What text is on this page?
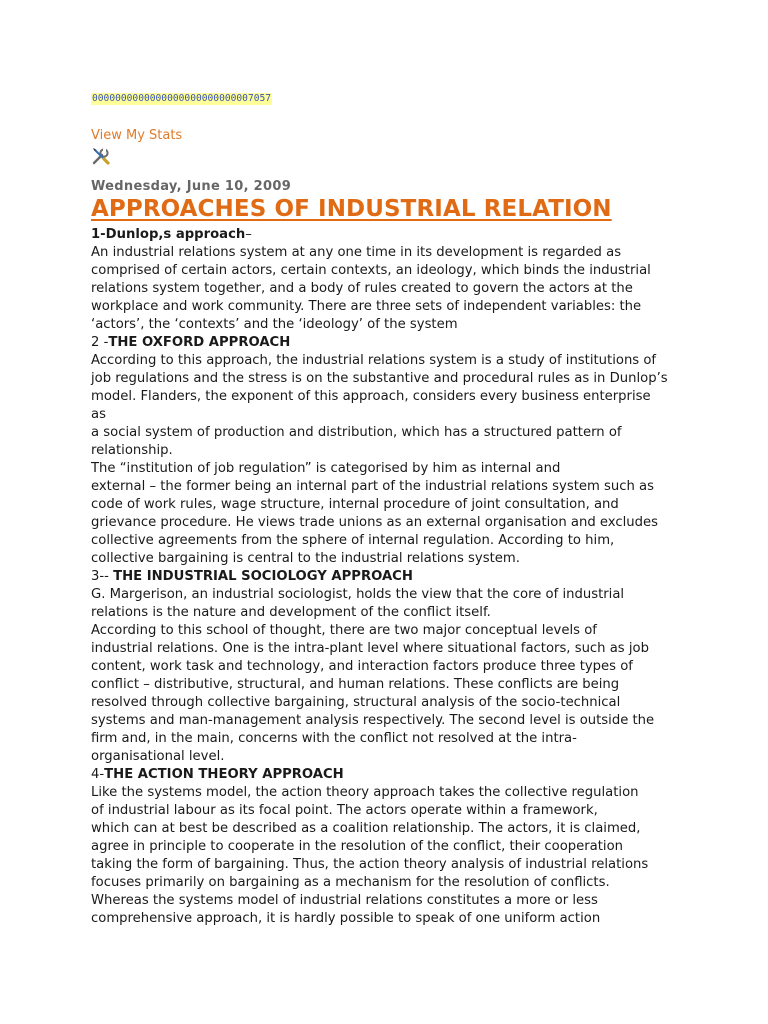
0000000000000000000000000007057
View My Stats
Wednesday, June 10, 2009
APPROACHES OF INDUSTRIAL RELATION
1-Dunlop,s approach–
An industrial relations system at any one time in its development is regarded as
comprised of certain actors, certain contexts, an ideology, which binds the industrial
relations system together, and a body of rules created to govern the actors at the
workplace and work community. There are three sets of independent variables: the
‘actors’, the ‘contexts’ and the ‘ideology’ of the system
2 -THE OXFORD APPROACH
According to this approach, the industrial relations system is a study of institutions of
job regulations and the stress is on the substantive and procedural rules as in Dunlop’s
model. Flanders, the exponent of this approach, considers every business enterprise
as
a social system of production and distribution, which has a structured pattern of
relationship.
The “institution of job regulation” is categorised by him as internal and
external – the former being an internal part of the industrial relations system such as
code of work rules, wage structure, internal procedure of joint consultation, and
grievance procedure. He views trade unions as an external organisation and excludes
collective agreements from the sphere of internal regulation. According to him,
collective bargaining is central to the industrial relations system.
3-- THE INDUSTRIAL SOCIOLOGY APPROACH
G. Margerison, an industrial sociologist, holds the view that the core of industrial
relations is the nature and development of the conflict itself.
According to this school of thought, there are two major conceptual levels of
industrial relations. One is the intra-plant level where situational factors, such as job
content, work task and technology, and interaction factors produce three types of
conflict – distributive, structural, and human relations. These conflicts are being
resolved through collective bargaining, structural analysis of the socio-technical
systems and man-management analysis respectively. The second level is outside the
firm and, in the main, concerns with the conflict not resolved at the intra-
organisational level.
4-THE ACTION THEORY APPROACH
Like the systems model, the action theory approach takes the collective regulation
of industrial labour as its focal point. The actors operate within a framework,
which can at best be described as a coalition relationship. The actors, it is claimed,
agree in principle to cooperate in the resolution of the conflict, their cooperation
taking the form of bargaining. Thus, the action theory analysis of industrial relations
focuses primarily on bargaining as a mechanism for the resolution of conflicts.
Whereas the systems model of industrial relations constitutes a more or less
comprehensive approach, it is hardly possible to speak of one uniform action
